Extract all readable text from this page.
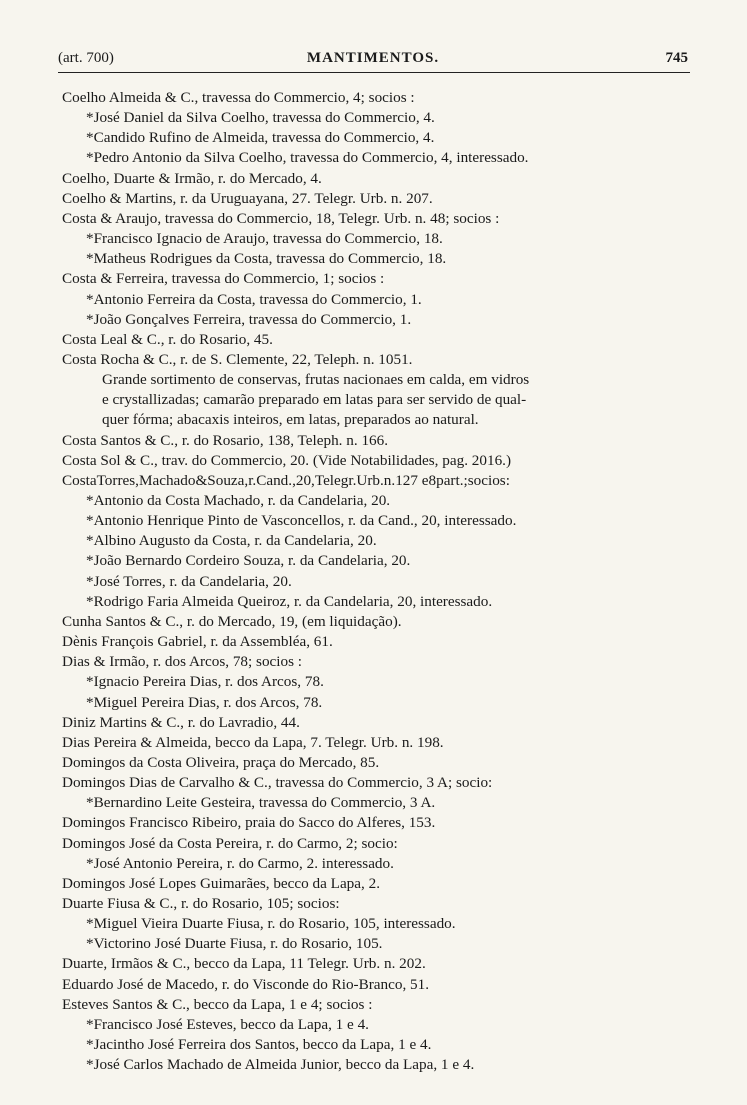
(art. 700)	MANTIMENTOS.	745
Coelho Almeida & C., travessa do Commercio, 4; socios :
*José Daniel da Silva Coelho, travessa do Commercio, 4.
*Candido Rufino de Almeida, travessa do Commercio, 4.
*Pedro Antonio da Silva Coelho, travessa do Commercio, 4, interessado.
Coelho, Duarte & Irmão, r. do Mercado, 4.
Coelho & Martins, r. da Uruguayana, 27. Telegr. Urb. n. 207.
Costa & Araujo, travessa do Commercio, 18, Telegr. Urb. n. 48; socios :
*Francisco Ignacio de Araujo, travessa do Commercio, 18.
*Matheus Rodrigues da Costa, travessa do Commercio, 18.
Costa & Ferreira, travessa do Commercio, 1; socios :
*Antonio Ferreira da Costa, travessa do Commercio, 1.
*João Gonçalves Ferreira, travessa do Commercio, 1.
Costa Leal & C., r. do Rosario, 45.
Costa Rocha & C., r. de S. Clemente, 22, Teleph. n. 1051.
Grande sortimento de conservas, frutas nacionaes em calda, em vidros
e crystallizadas; camarão preparado em latas para ser servido de qual-
quer fórma; abacaxis inteiros, em latas, preparados ao natural.
Costa Santos & C., r. do Rosario, 138, Teleph. n. 166.
Costa Sol & C., trav. do Commercio, 20. (Vide Notabilidades, pag. 2016.)
CostaTorres,Machado&Souza,r.Cand.,20,Telegr.Urb.n.127 e8part.;socios:
*Antonio da Costa Machado, r. da Candelaria, 20.
*Antonio Henrique Pinto de Vasconcellos, r. da Cand., 20, interessado.
*Albino Augusto da Costa, r. da Candelaria, 20.
*João Bernardo Cordeiro Souza, r. da Candelaria, 20.
*José Torres, r. da Candelaria, 20.
*Rodrigo Faria Almeida Queiroz, r. da Candelaria, 20, interessado.
Cunha Santos & C., r. do Mercado, 19, (em liquidação).
Dènis François Gabriel, r. da Assembléa, 61.
Dias & Irmão, r. dos Arcos, 78; socios :
*Ignacio Pereira Dias, r. dos Arcos, 78.
*Miguel Pereira Dias, r. dos Arcos, 78.
Diniz Martins & C., r. do Lavradio, 44.
Dias Pereira & Almeida, becco da Lapa, 7. Telegr. Urb. n. 198.
Domingos da Costa Oliveira, praça do Mercado, 85.
Domingos Dias de Carvalho & C., travessa do Commercio, 3 A; socio:
*Bernardino Leite Gesteira, travessa do Commercio, 3 A.
Domingos Francisco Ribeiro, praia do Sacco do Alferes, 153.
Domingos José da Costa Pereira, r. do Carmo, 2; socio:
*José Antonio Pereira, r. do Carmo, 2. interessado.
Domingos José Lopes Guimarães, becco da Lapa, 2.
Duarte Fiusa & C., r. do Rosario, 105; socios:
*Miguel Vieira Duarte Fiusa, r. do Rosario, 105, interessado.
*Victorino José Duarte Fiusa, r. do Rosario, 105.
Duarte, Irmãos & C., becco da Lapa, 11 Telegr. Urb. n. 202.
Eduardo José de Macedo, r. do Visconde do Rio-Branco, 51.
Esteves Santos & C., becco da Lapa, 1 e 4; socios :
*Francisco José Esteves, becco da Lapa, 1 e 4.
*Jacintho José Ferreira dos Santos, becco da Lapa, 1 e 4.
*José Carlos Machado de Almeida Junior, becco da Lapa, 1 e 4.
